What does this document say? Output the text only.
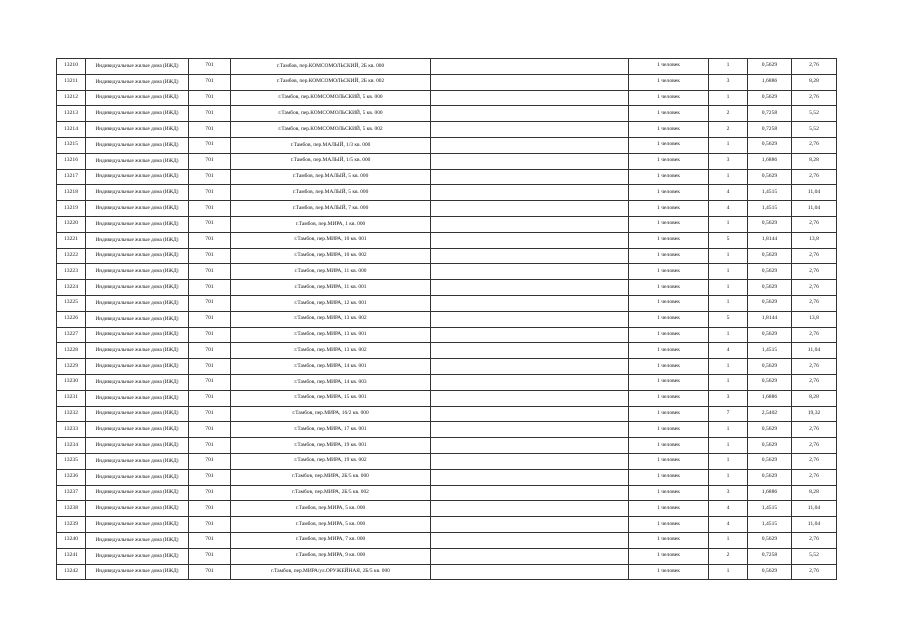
13210	Индивидуальные жилые дома (ИЖД)	701	г.Тамбов, пер.КОМСОМОЛЬСКИЙ, 2Б кв. 000		1 человек	1	0,5629	2,76
13211	Индивидуальные жилые дома (ИЖД)	701	г.Тамбов, пер.КОМСОМОЛЬСКИЙ, 2Б кв. 002		1 человек	3	1,6886	8,28
13212	Индивидуальные жилые дома (ИЖД)	701	г.Тамбов, пер.КОМСОМОЛЬСКИЙ, 5 кв. 000		1 человек	1	0,5629	2,76
13213	Индивидуальные жилые дома (ИЖД)	701	г.Тамбов, пер.КОМСОМОЛЬСКИЙ, 5 кв. 000		1 человек	2	0,7258	5,52
13214	Индивидуальные жилые дома (ИЖД)	701	г.Тамбов, пер.КОМСОМОЛЬСКИЙ, 5 кв. 002		1 человек	2	0,7258	5,52
13215	Индивидуальные жилые дома (ИЖД)	701	г.Тамбов, пер.МАЛЫЙ, 1/3 кв. 000		1 человек	1	0,5629	2,76
13216	Индивидуальные жилые дома (ИЖД)	701	г.Тамбов, пер.МАЛЫЙ, 1/5 кв. 000		1 человек	3	1,6886	8,28
13217	Индивидуальные жилые дома (ИЖД)	701	г.Тамбов, пер.МАЛЫЙ, 5 кв. 000		1 человек	1	0,5629	2,76
13218	Индивидуальные жилые дома (ИЖД)	701	г.Тамбов, пер.МАЛЫЙ, 5 кв. 000		1 человек	4	1,4515	11,04
13219	Индивидуальные жилые дома (ИЖД)	701	г.Тамбов, пер.МАЛЫЙ, 7 кв. 000		1 человек	4	1,4515	11,04
13220	Индивидуальные жилые дома (ИЖД)	701	г.Тамбов, пер.МИРА, 1 кв. 000		1 человек	1	0,5629	2,76
13221	Индивидуальные жилые дома (ИЖД)	701	г.Тамбов, пер.МИРА, 10 кв. 001		1 человек	5	1,8144	13,8
13222	Индивидуальные жилые дома (ИЖД)	701	г.Тамбов, пер.МИРА, 10 кв. 002		1 человек	1	0,5629	2,76
13223	Индивидуальные жилые дома (ИЖД)	701	г.Тамбов, пер.МИРА, 11 кв. 000		1 человек	1	0,5629	2,76
13224	Индивидуальные жилые дома (ИЖД)	701	г.Тамбов, пер.МИРА, 11 кв. 001		1 человек	1	0,5629	2,76
13225	Индивидуальные жилые дома (ИЖД)	701	г.Тамбов, пер.МИРА, 12 кв. 001		1 человек	1	0,5629	2,76
13226	Индивидуальные жилые дома (ИЖД)	701	г.Тамбов, пер.МИРА, 13 кв. 002		1 человек	5	1,8144	13,8
13227	Индивидуальные жилые дома (ИЖД)	701	г.Тамбов, пер.МИРА, 13 кв. 001		1 человек	1	0,5629	2,76
13228	Индивидуальные жилые дома (ИЖД)	701	г.Тамбов, пер.МИРА, 13 кв. 002		1 человек	4	1,4515	11,04
13229	Индивидуальные жилые дома (ИЖД)	701	г.Тамбов, пер.МИРА, 14 кв. 001		1 человек	1	0,5629	2,76
13230	Индивидуальные жилые дома (ИЖД)	701	г.Тамбов, пер.МИРА, 14 кв. 003		1 человек	1	0,5629	2,76
13231	Индивидуальные жилые дома (ИЖД)	701	г.Тамбов, пер.МИРА, 15 кв. 001		1 человек	3	1,6886	8,28
13232	Индивидуальные жилые дома (ИЖД)	701	г.Тамбов, пер.МИРА, 16/2 кв. 000		1 человек	7	2,5402	19,32
13233	Индивидуальные жилые дома (ИЖД)	701	г.Тамбов, пер.МИРА, 17 кв. 001		1 человек	1	0,5629	2,76
13234	Индивидуальные жилые дома (ИЖД)	701	г.Тамбов, пер.МИРА, 19 кв. 001		1 человек	1	0,5629	2,76
13235	Индивидуальные жилые дома (ИЖД)	701	г.Тамбов, пер.МИРА, 19 кв. 002		1 человек	1	0,5629	2,76
13236	Индивидуальные жилые дома (ИЖД)	701	г.Тамбов, пер.МИРА, 2Б/5 кв. 000		1 человек	1	0,5629	2,76
13237	Индивидуальные жилые дома (ИЖД)	701	г.Тамбов, пер.МИРА, 2Б/5 кв. 002		1 человек	3	1,6886	8,28
13238	Индивидуальные жилые дома (ИЖД)	701	г.Тамбов, пер.МИРА, 5 кв. 000		1 человек	4	1,4515	11,04
13239	Индивидуальные жилые дома (ИЖД)	701	г.Тамбов, пер.МИРА, 5 кв. 000		1 человек	4	1,4515	11,04
13240	Индивидуальные жилые дома (ИЖД)	701	г.Тамбов, пер.МИРА, 7 кв. 000		1 человек	1	0,5629	2,76
13241	Индивидуальные жилые дома (ИЖД)	701	г.Тамбов, пер.МИРА, 9 кв. 000		1 человек	2	0,7258	5,52
13242	Индивидуальные жилые дома (ИЖД)	701	г.Тамбов, пер.МИРА/ул.ОРУЖЕЙНАЯ, 2Б/5 кв. 000		1 человек	1	0,5629	2,76
